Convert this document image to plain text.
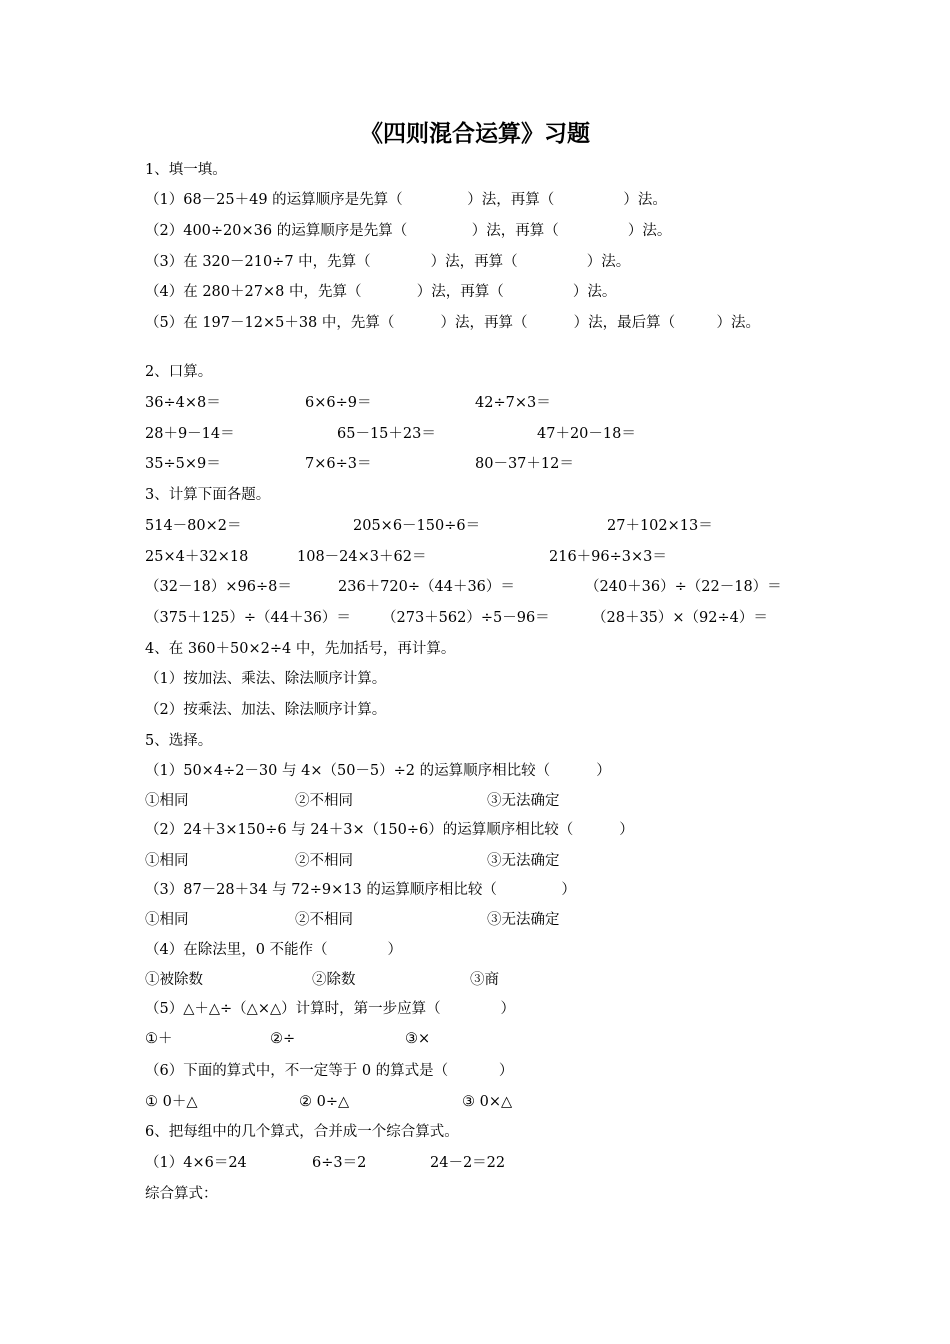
《四则混合运算》习题
1、填一填。
（1）68－25＋49 的运算顺序是先算（              ）法，再算（               ）法。
（2）400÷20×36 的运算顺序是先算（              ）法，再算（               ）法。
（3）在 320－210÷7 中，先算（             ）法，再算（               ）法。
（4）在 280＋27×8 中，先算（            ）法，再算（               ）法。
（5）在 197－12×5＋38 中，先算（          ）法，再算（          ）法，最后算（         ）法。
2、口算。
36÷4×8＝	6×6÷9＝	42÷7×3＝
28＋9－14＝	65－15＋23＝	47＋20－18＝
35÷5×9＝	7×6÷3＝	80－37＋12＝
3、计算下面各题。
514－80×2＝	205×6－150÷6＝	27＋102×13＝
25×4＋32×18	108－24×3＋62＝	216＋96÷3×3＝
（32－18）×96÷8＝	236＋720÷（44＋36）＝	（240＋36）÷（22－18）＝
（375＋125）÷（44＋36）＝ （273＋562）÷5－96＝	（28＋35）×（92÷4）＝
4、在 360＋50×2÷4 中，先加括号，再计算。
（1）按加法、乘法、除法顺序计算。
（2）按乘法、加法、除法顺序计算。
5、选择。
（1）50×4÷2－30 与 4×（50－5）÷2 的运算顺序相比较（          ）
①相同	②不相同	③无法确定
（2）24＋3×150÷6 与 24＋3×（150÷6）的运算顺序相比较（          ）
①相同	②不相同	③无法确定
（3）87－28＋34 与 72÷9×13 的运算顺序相比较（              ）
①相同	②不相同	③无法确定
（4）在除法里，0 不能作（             ）
①被除数	②除数	③商
（5）△＋△÷（△×△）计算时，第一步应算（             ）
①＋	②÷	③×
（6）下面的算式中，不一定等于 0 的算式是（           ）
① 0＋△	② 0÷△	③ 0×△
6、把每组中的几个算式，合并成一个综合算式。
（1）4×6＝24	6÷3＝2	24－2＝22
综合算式：
